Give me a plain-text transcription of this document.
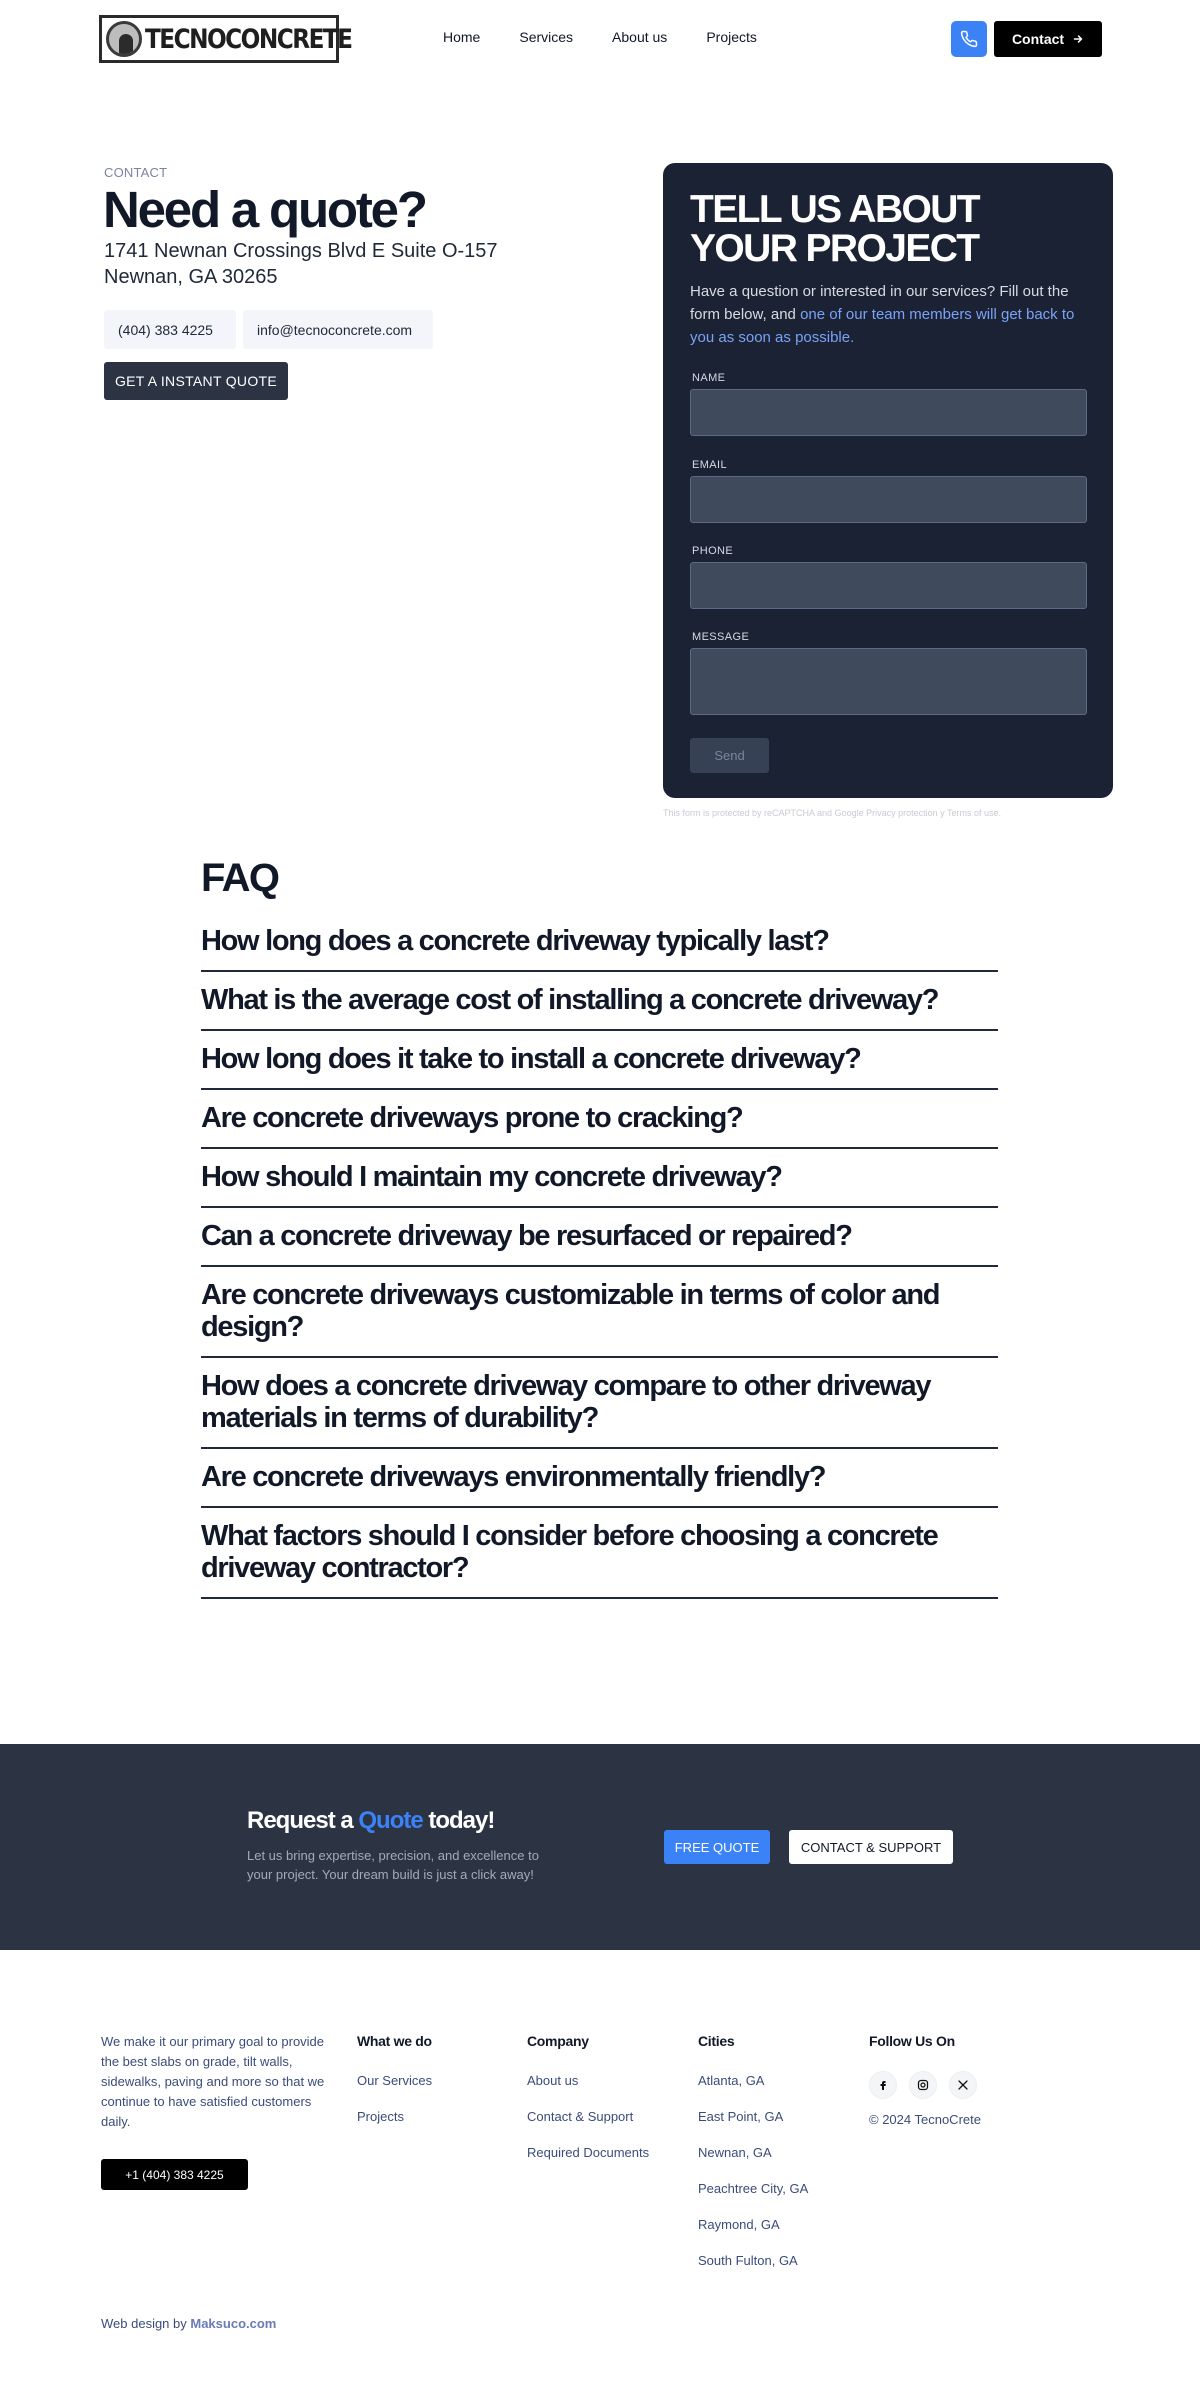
TECNOCONCRETE	Home	Services	About us	Projects	Contact
CONTACT
Need a quote?
1741 Newnan Crossings Blvd E Suite O-157
Newnan, GA 30265
(404) 383 4225	info@tecnoconcrete.com
GET A INSTANT QUOTE
TELL US ABOUT YOUR PROJECT

Have a question or interested in our services? Fill out the form below, and one of our team members will get back to you as soon as possible.

NAME
EMAIL
PHONE
MESSAGE
Send
This form is protected by reCAPTCHA and Google Privacy protection y Terms of use.
FAQ
How long does a concrete driveway typically last?
What is the average cost of installing a concrete driveway?
How long does it take to install a concrete driveway?
Are concrete driveways prone to cracking?
How should I maintain my concrete driveway?
Can a concrete driveway be resurfaced or repaired?
Are concrete driveways customizable in terms of color and design?
How does a concrete driveway compare to other driveway materials in terms of durability?
Are concrete driveways environmentally friendly?
What factors should I consider before choosing a concrete driveway contractor?
Request a Quote today!

Let us bring expertise, precision, and excellence to your project. Your dream build is just a click away!

FREE QUOTE	CONTACT & SUPPORT

We make it our primary goal to provide the best slabs on grade, tilt walls, sidewalks, paving and more so that we continue to have satisfied customers daily.

+1 (404) 383 4225
What we do
Our Services
Projects
Company
About us
Contact & Support
Required Documents
Cities
Atlanta, GA
East Point, GA
Newnan, GA
Peachtree City, GA
Raymond, GA
South Fulton, GA
Follow Us On
© 2024 TecnoCrete
Web design by Maksuco.com
